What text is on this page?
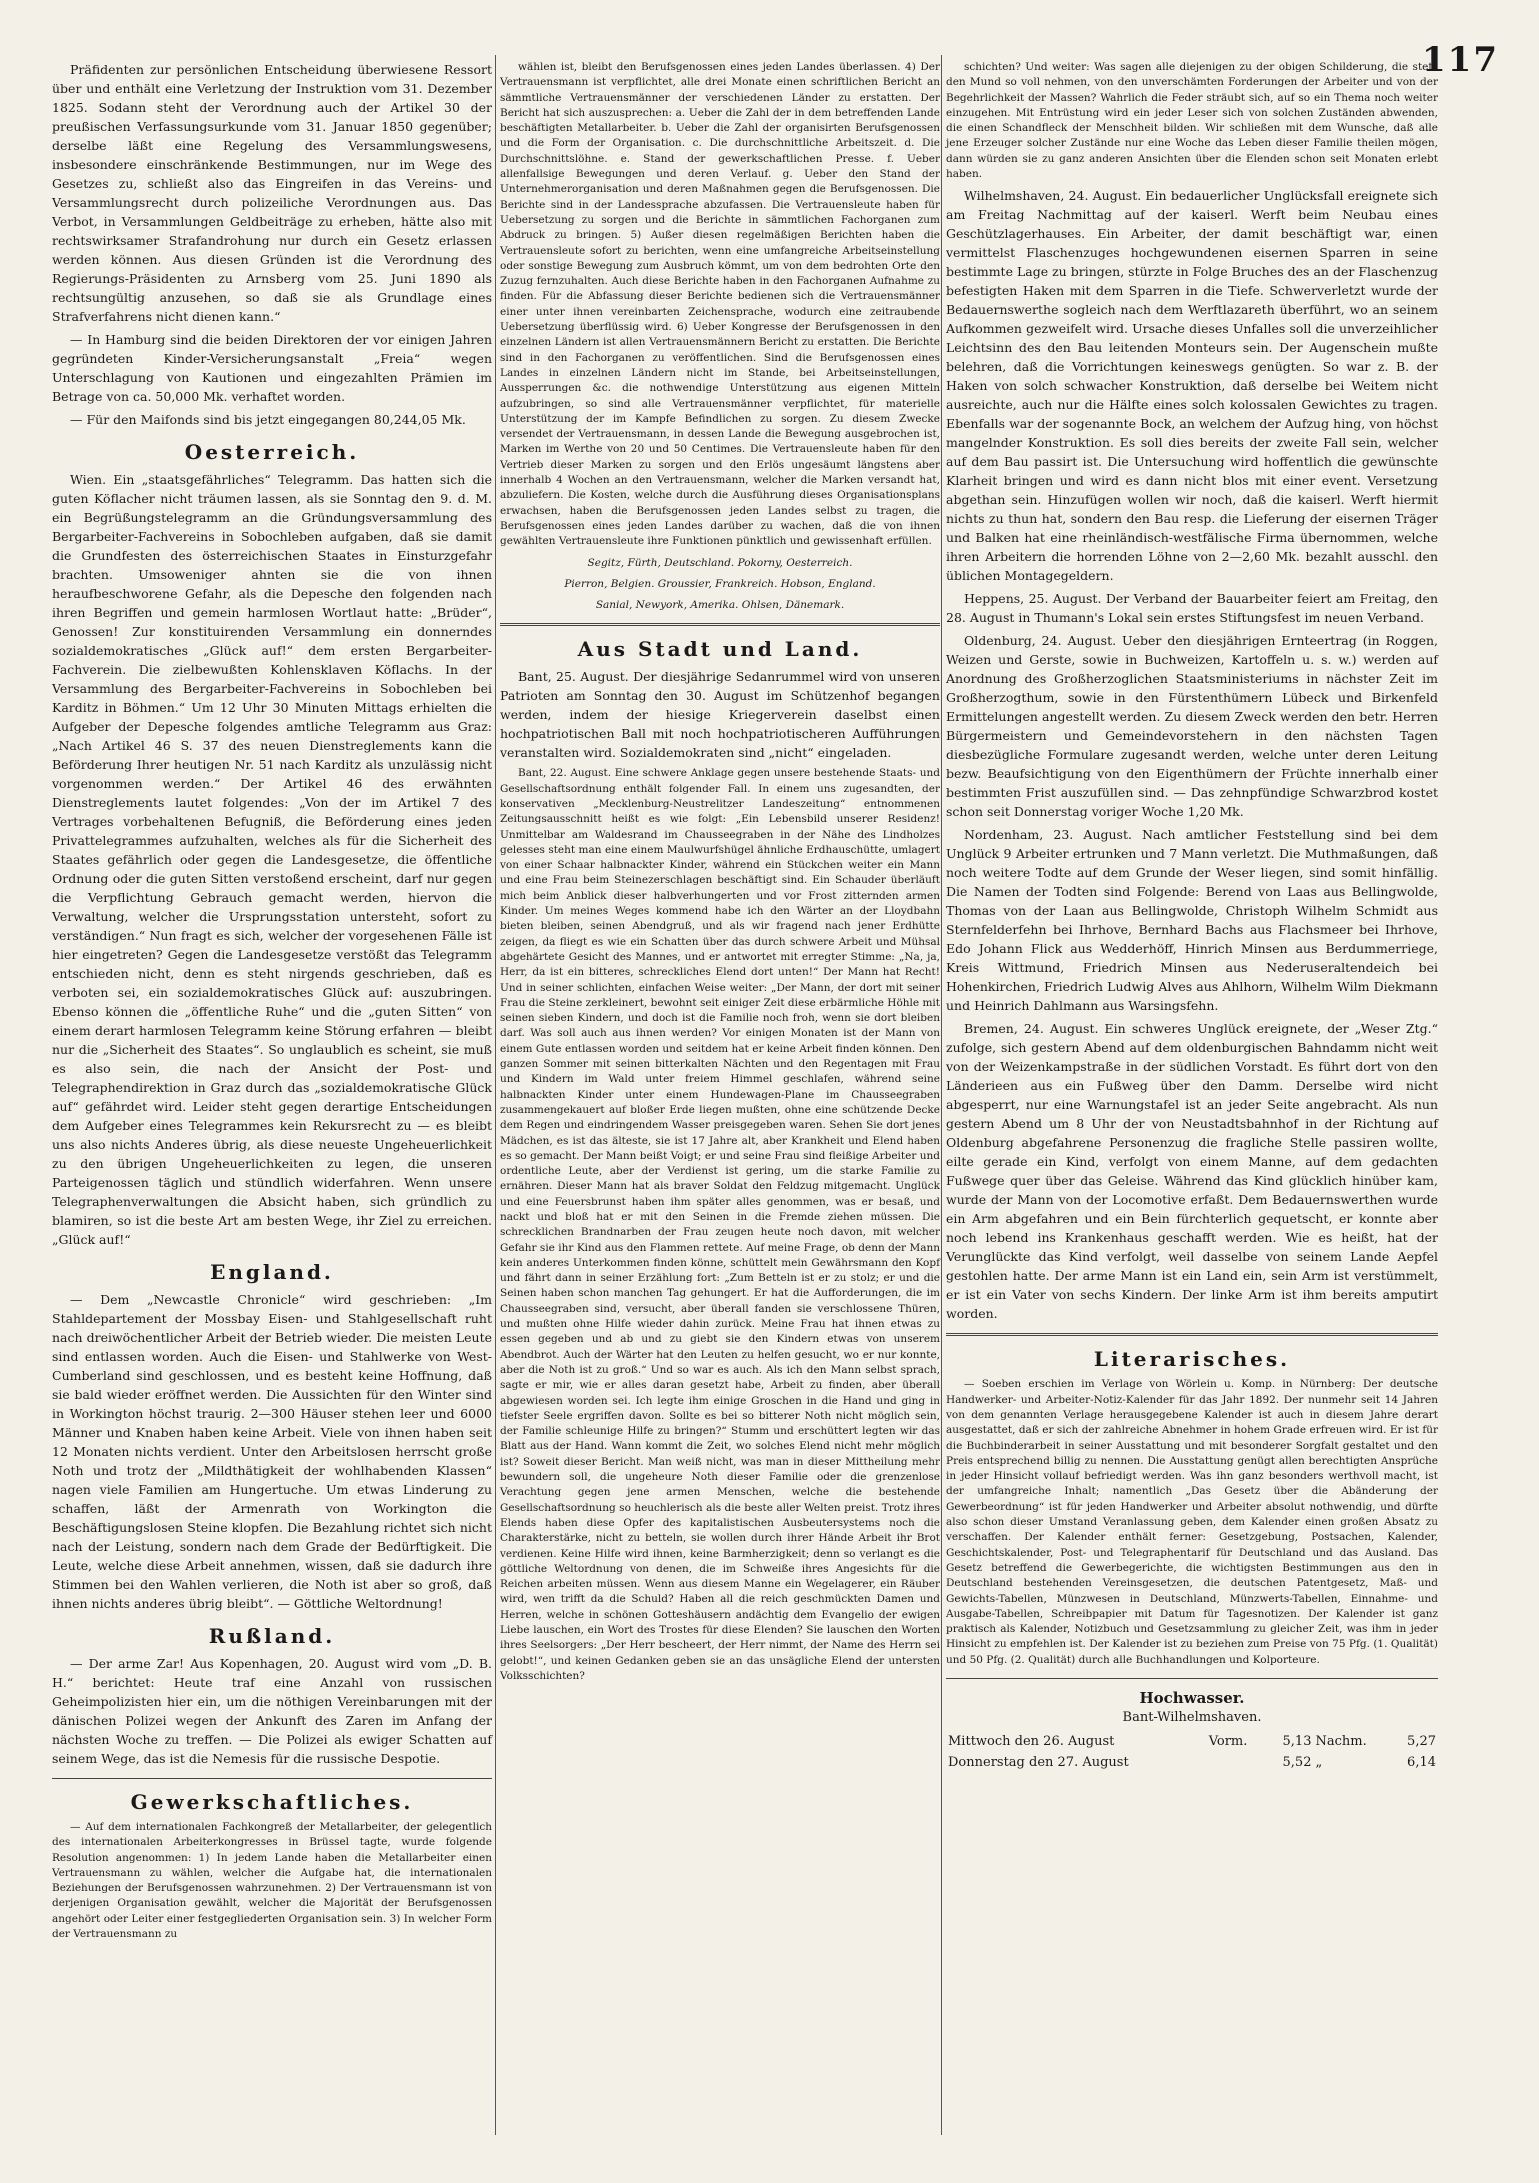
117

Präfidenten zur persönlichen Entscheidung überwiesene Ressort über und enthält eine Verletzung der Instruktion vom 31. Dezember 1825. Sodann steht der Verordnung auch der Artikel 30 der preußischen Verfassungsurkunde vom 31. Januar 1850 gegenüber; derselbe läßt eine Regelung des Versammlungswesens, insbesondere einschränkende Bestimmungen, nur im Wege des Gesetzes zu, schließt also das Eingreifen in das Vereins- und Versammlungsrecht durch polizeiliche Verordnungen aus. Das Verbot, in Versammlungen Geldbeiträge zu erheben, hätte also mit rechtswirksamer Strafandrohung nur durch ein Gesetz erlassen werden können. Aus diesen Gründen ist die Verordnung des Regierungs-Präsidenten zu Arnsberg vom 25. Juni 1890 als rechtsungültig anzusehen, so daß sie als Grundlage eines Strafverfahrens nicht dienen kann.“

— In Hamburg sind die beiden Direktoren der vor einigen Jahren gegründeten Kinder-Versicherungsanstalt „Freia“ wegen Unterschlagung von Kautionen und eingezahlten Prämien im Betrage von ca. 50,000 Mk. verhaftet worden.

— Für den Maifonds sind bis jetzt eingegangen 80,244,05 Mk.

Oesterreich.

Wien. Ein „staatsgefährliches“ Telegramm. Das hatten sich die guten Köflacher nicht träumen lassen, als sie Sonntag den 9. d. M. ein Begrüßungstelegramm an die Gründungsversammlung des Bergarbeiter-Fachvereins in Sobochleben aufgaben, daß sie damit die Grundfesten des österreichischen Staates in Einsturzgefahr brachten. Umsoweniger ahnten sie die von ihnen heraufbeschworene Gefahr, als die Depesche den folgenden nach ihren Begriffen und gemein harmlosen Wortlaut hatte: „Brüder“, Genossen! Zur konstituirenden Versammlung ein donnerndes sozialdemokratisches „Glück auf!“ dem ersten Bergarbeiter-Fachverein. Die zielbewußten Kohlensklaven Köflachs. In der Versammlung des Bergarbeiter-Fachvereins in Sobochleben bei Karditz in Böhmen.“ Um 12 Uhr 30 Minuten Mittags erhielten die Aufgeber der Depesche folgendes amtliche Telegramm aus Graz: „Nach Artikel 46 S. 37 des neuen Dienstreglements kann die Beförderung Ihrer heutigen Nr. 51 nach Karditz als unzulässig nicht vorgenommen werden.“ Der Artikel 46 des erwähnten Dienstreglements lautet folgendes: „Von der im Artikel 7 des Vertrages vorbehaltenen Befugniß, die Beförderung eines jeden Privattelegrammes aufzuhalten, welches als für die Sicherheit des Staates gefährlich oder gegen die Landesgesetze, die öffentliche Ordnung oder die guten Sitten verstoßend erscheint, darf nur gegen die Verpflichtung Gebrauch gemacht werden, hiervon die Verwaltung, welcher die Ursprungsstation untersteht, sofort zu verständigen.“ Nun fragt es sich, welcher der vorgesehenen Fälle ist hier eingetreten? Gegen die Landesgesetze verstößt das Telegramm entschieden nicht, denn es steht nirgends geschrieben, daß es verboten sei, ein sozialdemokratisches Glück auf: auszubringen. Ebenso können die „öffentliche Ruhe“ und die „guten Sitten“ von einem derart harmlosen Telegramm keine Störung erfahren — bleibt nur die „Sicherheit des Staates“. So unglaublich es scheint, sie muß es also sein, die nach der Ansicht der Post- und Telegraphendirektion in Graz durch das „sozialdemokratische Glück auf“ gefährdet wird. Leider steht gegen derartige Entscheidungen dem Aufgeber eines Telegrammes kein Rekursrecht zu — es bleibt uns also nichts Anderes übrig, als diese neueste Ungeheuerlichkeit zu den übrigen Ungeheuerlichkeiten zu legen, die unseren Parteigenossen täglich und stündlich widerfahren. Wenn unsere Telegraphenverwaltungen die Absicht haben, sich gründlich zu blamiren, so ist die beste Art am besten Wege, ihr Ziel zu erreichen. „Glück auf!“

England.

— Dem „Newcastle Chronicle“ wird geschrieben: „Im Stahldepartement der Mossbay Eisen- und Stahlgesellschaft ruht nach dreiwöchentlicher Arbeit der Betrieb wieder. Die meisten Leute sind entlassen worden. Auch die Eisen- und Stahlwerke von West-Cumberland sind geschlossen, und es besteht keine Hoffnung, daß sie bald wieder eröffnet werden. Die Aussichten für den Winter sind in Workington höchst traurig. 2—300 Häuser stehen leer und 6000 Männer und Knaben haben keine Arbeit. Viele von ihnen haben seit 12 Monaten nichts verdient. Unter den Arbeitslosen herrscht große Noth und trotz der „Mildthätigkeit der wohlhabenden Klassen“ nagen viele Familien am Hungertuche. Um etwas Linderung zu schaffen, läßt der Armenrath von Workington die Beschäftigungslosen Steine klopfen. Die Bezahlung richtet sich nicht nach der Leistung, sondern nach dem Grade der Bedürftigkeit. Die Leute, welche diese Arbeit annehmen, wissen, daß sie dadurch ihre Stimmen bei den Wahlen verlieren, die Noth ist aber so groß, daß ihnen nichts anderes übrig bleibt“. — Göttliche Weltordnung!

Rußland.

— Der arme Zar! Aus Kopenhagen, 20. August wird vom „D. B. H.“ berichtet: Heute traf eine Anzahl von russischen Geheimpolizisten hier ein, um die nöthigen Vereinbarungen mit der dänischen Polizei wegen der Ankunft des Zaren im Anfang der nächsten Woche zu treffen. — Die Polizei als ewiger Schatten auf seinem Wege, das ist die Nemesis für die russische Despotie.

Gewerkschaftliches.

— Auf dem internationalen Fachkongreß der Metallarbeiter, der gelegentlich des internationalen Arbeiterkongresses in Brüssel tagte, wurde folgende Resolution angenommen: 1) In jedem Lande haben die Metallarbeiter einen Vertrauensmann zu wählen, welcher die Aufgabe hat, die internationalen Beziehungen der Berufsgenossen wahrzunehmen. 2) Der Vertrauensmann ist von derjenigen Organisation gewählt, welcher die Majorität der Berufsgenossen angehört oder Leiter einer festgegliederten Organisation sein. 3) In welcher Form der Vertrauensmann zu

wählen ist, bleibt den Berufsgenossen eines jeden Landes überlassen. 4) Der Vertrauensmann ist verpflichtet, alle drei Monate einen schriftlichen Bericht an sämmtliche Vertrauensmänner der verschiedenen Länder zu erstatten. Der Bericht hat sich auszusprechen: a. Ueber die Zahl der in dem betreffenden Lande beschäftigten Metallarbeiter. b. Ueber die Zahl der organisirten Berufsgenossen und die Form der Organisation. c. Die durchschnittliche Arbeitszeit. d. Die Durchschnittslöhne. e. Stand der gewerkschaftlichen Presse. f. Ueber allenfallsige Bewegungen und deren Verlauf. g. Ueber den Stand der Unternehmerorganisation und deren Maßnahmen gegen die Berufsgenossen. Die Berichte sind in der Landessprache abzufassen. Die Vertrauensleute haben für Uebersetzung zu sorgen und die Berichte in sämmtlichen Fachorganen zum Abdruck zu bringen. 5) Außer diesen regelmäßigen Berichten haben die Vertrauensleute sofort zu berichten, wenn eine umfangreiche Arbeitseinstellung oder sonstige Bewegung zum Ausbruch kömmt, um von dem bedrohten Orte den Zuzug fernzuhalten. Auch diese Berichte haben in den Fachorganen Aufnahme zu finden. Für die Abfassung dieser Berichte bedienen sich die Vertrauensmänner einer unter ihnen vereinbarten Zeichensprache, wodurch eine zeitraubende Uebersetzung überflüssig wird. 6) Ueber Kongresse der Berufsgenossen in den einzelnen Ländern ist allen Vertrauensmännern Bericht zu erstatten. Die Berichte sind in den Fachorganen zu veröffentlichen. Sind die Berufsgenossen eines Landes in einzelnen Ländern nicht im Stande, bei Arbeitseinstellungen, Aussperrungen &c. die nothwendige Unterstützung aus eigenen Mitteln aufzubringen, so sind alle Vertrauensmänner verpflichtet, für materielle Unterstützung der im Kampfe Befindlichen zu sorgen. Zu diesem Zwecke versendet der Vertrauensmann, in dessen Lande die Bewegung ausgebrochen ist, Marken im Werthe von 20 und 50 Centimes. Die Vertrauensleute haben für den Vertrieb dieser Marken zu sorgen und den Erlös ungesäumt längstens aber innerhalb 4 Wochen an den Vertrauensmann, welcher die Marken versandt hat, abzuliefern. Die Kosten, welche durch die Ausführung dieses Organisationsplans erwachsen, haben die Berufsgenossen jeden Landes selbst zu tragen, die Berufsgenossen eines jeden Landes darüber zu wachen, daß die von ihnen gewählten Vertrauensleute ihre Funktionen pünktlich und gewissenhaft erfüllen.

Segitz, Fürth, Deutschland. Pokorny, Oesterreich.
Pierron, Belgien. Groussier, Frankreich. Hobson, England.
Sanial, Newyork, Amerika. Ohlsen, Dänemark.
Aus Stadt und Land.

Bant, 25. August. Der diesjährige Sedanrummel wird von unseren Patrioten am Sonntag den 30. August im Schützenhof begangen werden, indem der hiesige Kriegerverein daselbst einen hochpatriotischen Ball mit noch hochpatriotischeren Aufführungen veranstalten wird. Sozialdemokraten sind „nicht“ eingeladen.

Bant, 22. August. Eine schwere Anklage gegen unsere bestehende Staats- und Gesellschaftsordnung enthält folgender Fall. In einem uns zugesandten, der konservativen „Mecklenburg-Neustrelitzer Landeszeitung“ entnommenen Zeitungsausschnitt heißt es wie folgt: „Ein Lebensbild unserer Residenz! Unmittelbar am Waldesrand im Chausseegraben in der Nähe des Lindholzes gelesses steht man eine einem Maulwurfshügel ähnliche Erdhauschütte, umlagert von einer Schaar halbnackter Kinder, während ein Stückchen weiter ein Mann und eine Frau beim Steinezerschlagen beschäftigt sind. Ein Schauder überläuft mich beim Anblick dieser halbverhungerten und vor Frost zitternden armen Kinder. Um meines Weges kommend habe ich den Wärter an der Lloydbahn bieten bleiben, seinen Abendgruß, und als wir fragend nach jener Erdhütte zeigen, da fliegt es wie ein Schatten über das durch schwere Arbeit und Mühsal abgehärtete Gesicht des Mannes, und er antwortet mit erregter Stimme: „Na, ja, Herr, da ist ein bitteres, schreckliches Elend dort unten!“ Der Mann hat Recht! Und in seiner schlichten, einfachen Weise weiter: „Der Mann, der dort mit seiner Frau die Steine zerkleinert, bewohnt seit einiger Zeit diese erbärmliche Höhle mit seinen sieben Kindern, und doch ist die Familie noch froh, wenn sie dort bleiben darf. Was soll auch aus ihnen werden? Vor einigen Monaten ist der Mann von einem Gute entlassen worden und seitdem hat er keine Arbeit finden können. Den ganzen Sommer mit seinen bitterkalten Nächten und den Regentagen mit Frau und Kindern im Wald unter freiem Himmel geschlafen, während seine halbnackten Kinder unter einem Hundewagen-Plane im Chausseegraben zusammengekauert auf bloßer Erde liegen mußten, ohne eine schützende Decke dem Regen und eindringendem Wasser preisgegeben waren. Sehen Sie dort jenes Mädchen, es ist das älteste, sie ist 17 Jahre alt, aber Krankheit und Elend haben es so gemacht. Der Mann beißt Voigt; er und seine Frau sind fleißige Arbeiter und ordentliche Leute, aber der Verdienst ist gering, um die starke Familie zu ernähren. Dieser Mann hat als braver Soldat den Feldzug mitgemacht. Unglück und eine Feuersbrunst haben ihm später alles genommen, was er besaß, und nackt und bloß hat er mit den Seinen in die Fremde ziehen müssen. Die schrecklichen Brandnarben der Frau zeugen heute noch davon, mit welcher Gefahr sie ihr Kind aus den Flammen rettete. Auf meine Frage, ob denn der Mann kein anderes Unterkommen finden könne, schüttelt mein Gewährsmann den Kopf und fährt dann in seiner Erzählung fort: „Zum Betteln ist er zu stolz; er und die Seinen haben schon manchen Tag gehungert. Er hat die Aufforderungen, die im Chausseegraben sind, versucht, aber überall fanden sie verschlossene Thüren, und mußten ohne Hilfe wieder dahin zurück. Meine Frau hat ihnen etwas zu essen gegeben und ab und zu giebt sie den Kindern etwas von unserem Abendbrot. Auch der Wärter hat den Leuten zu helfen gesucht, wo er nur konnte, aber die Noth ist zu groß.“ Und so war es auch. Als ich den Mann selbst sprach, sagte er mir, wie er alles daran gesetzt habe, Arbeit zu finden, aber überall abgewiesen worden sei. Ich legte ihm einige Groschen in die Hand und ging in tiefster Seele ergriffen davon. Sollte es bei so bitterer Noth nicht möglich sein, der Familie schleunige Hilfe zu bringen?“ Stumm und erschüttert legten wir das Blatt aus der Hand. Wann kommt die Zeit, wo solches Elend nicht mehr möglich ist? Soweit dieser Bericht. Man weiß nicht, was man in dieser Mittheilung mehr bewundern soll, die ungeheure Noth dieser Familie oder die grenzenlose Verachtung gegen jene armen Menschen, welche die bestehende Gesellschaftsordnung so heuchlerisch als die beste aller Welten preist. Trotz ihres Elends haben diese Opfer des kapitalistischen Ausbeutersystems noch die Charakterstärke, nicht zu betteln, sie wollen durch ihrer Hände Arbeit ihr Brot verdienen. Keine Hilfe wird ihnen, keine Barmherzigkeit; denn so verlangt es die göttliche Weltordnung von denen, die im Schweiße ihres Angesichts für die Reichen arbeiten müssen. Wenn aus diesem Manne ein Wegelagerer, ein Räuber wird, wen trifft da die Schuld? Haben all die reich geschmückten Damen und Herren, welche in schönen Gotteshäusern andächtig dem Evangelio der ewigen Liebe lauschen, ein Wort des Trostes für diese Elenden? Sie lauschen den Worten ihres Seelsorgers: „Der Herr bescheert, der Herr nimmt, der Name des Herrn sei gelobt!“, und keinen Gedanken geben sie an das unsägliche Elend der untersten Volksschichten?

schichten? Und weiter: Was sagen alle diejenigen zu der obigen Schilderung, die stets den Mund so voll nehmen, von den unverschämten Forderungen der Arbeiter und von der Begehrlichkeit der Massen? Wahrlich die Feder sträubt sich, auf so ein Thema noch weiter einzugehen. Mit Entrüstung wird ein jeder Leser sich von solchen Zuständen abwenden, die einen Schandfleck der Menschheit bilden. Wir schließen mit dem Wunsche, daß alle jene Erzeuger solcher Zustände nur eine Woche das Leben dieser Familie theilen mögen, dann würden sie zu ganz anderen Ansichten über die Elenden schon seit Monaten erlebt haben.

Wilhelmshaven, 24. August. Ein bedauerlicher Unglücksfall ereignete sich am Freitag Nachmittag auf der kaiserl. Werft beim Neubau eines Geschützlagerhauses. Ein Arbeiter, der damit beschäftigt war, einen vermittelst Flaschenzuges hochgewundenen eisernen Sparren in seine bestimmte Lage zu bringen, stürzte in Folge Bruches des an der Flaschenzug befestigten Haken mit dem Sparren in die Tiefe. Schwerverletzt wurde der Bedauernswerthe sogleich nach dem Werftlazareth überführt, wo an seinem Aufkommen gezweifelt wird. Ursache dieses Unfalles soll die unverzeihlicher Leichtsinn des den Bau leitenden Monteurs sein. Der Augenschein mußte belehren, daß die Vorrichtungen keineswegs genügten. So war z. B. der Haken von solch schwacher Konstruktion, daß derselbe bei Weitem nicht ausreichte, auch nur die Hälfte eines solch kolossalen Gewichtes zu tragen. Ebenfalls war der sogenannte Bock, an welchem der Aufzug hing, von höchst mangelnder Konstruktion. Es soll dies bereits der zweite Fall sein, welcher auf dem Bau passirt ist. Die Untersuchung wird hoffentlich die gewünschte Klarheit bringen und wird es dann nicht blos mit einer event. Versetzung abgethan sein. Hinzufügen wollen wir noch, daß die kaiserl. Werft hiermit nichts zu thun hat, sondern den Bau resp. die Lieferung der eisernen Träger und Balken hat eine rheinländisch-westfälische Firma übernommen, welche ihren Arbeitern die horrenden Löhne von 2—2,60 Mk. bezahlt ausschl. den üblichen Montagegeldern.

Heppens, 25. August. Der Verband der Bauarbeiter feiert am Freitag, den 28. August in Thumann's Lokal sein erstes Stiftungsfest im neuen Verband.

Oldenburg, 24. August. Ueber den diesjährigen Ernteertrag (in Roggen, Weizen und Gerste, sowie in Buchweizen, Kartoffeln u. s. w.) werden auf Anordnung des Großherzoglichen Staatsministeriums in nächster Zeit im Großherzogthum, sowie in den Fürstenthümern Lübeck und Birkenfeld Ermittelungen angestellt werden. Zu diesem Zweck werden den betr. Herren Bürgermeistern und Gemeindevorstehern in den nächsten Tagen diesbezügliche Formulare zugesandt werden, welche unter deren Leitung bezw. Beaufsichtigung von den Eigenthümern der Früchte innerhalb einer bestimmten Frist auszufüllen sind. — Das zehnpfündige Schwarzbrod kostet schon seit Donnerstag voriger Woche 1,20 Mk.

Nordenham, 23. August. Nach amtlicher Feststellung sind bei dem Unglück 9 Arbeiter ertrunken und 7 Mann verletzt. Die Muthmaßungen, daß noch weitere Todte auf dem Grunde der Weser liegen, sind somit hinfällig. Die Namen der Todten sind Folgende: Berend von Laas aus Bellingwolde, Thomas von der Laan aus Bellingwolde, Christoph Wilhelm Schmidt aus Sternfelderfehn bei Ihrhove, Bernhard Bachs aus Flachsmeer bei Ihrhove, Edo Johann Flick aus Wedderhöff, Hinrich Minsen aus Berdummerriege, Kreis Wittmund, Friedrich Minsen aus Nederuseraltendeich bei Hohenkirchen, Friedrich Ludwig Alves aus Ahlhorn, Wilhelm Wilm Diekmann und Heinrich Dahlmann aus Warsingsfehn.

Bremen, 24. August. Ein schweres Unglück ereignete, der „Weser Ztg.“ zufolge, sich gestern Abend auf dem oldenburgischen Bahndamm nicht weit von der Weizenkampstraße in der südlichen Vorstadt. Es führt dort von den Länderieen aus ein Fußweg über den Damm. Derselbe wird nicht abgesperrt, nur eine Warnungstafel ist an jeder Seite angebracht. Als nun gestern Abend um 8 Uhr der von Neustadtsbahnhof in der Richtung auf Oldenburg abgefahrene Personenzug die fragliche Stelle passiren wollte, eilte gerade ein Kind, verfolgt von einem Manne, auf dem gedachten Fußwege quer über das Geleise. Während das Kind glücklich hinüber kam, wurde der Mann von der Locomotive erfaßt. Dem Bedauernswerthen wurde ein Arm abgefahren und ein Bein fürchterlich gequetscht, er konnte aber noch lebend ins Krankenhaus geschafft werden. Wie es heißt, hat der Verunglückte das Kind verfolgt, weil dasselbe von seinem Lande Aepfel gestohlen hatte. Der arme Mann ist ein Land ein, sein Arm ist verstümmelt, er ist ein Vater von sechs Kindern. Der linke Arm ist ihm bereits amputirt worden.

Literarisches.

— Soeben erschien im Verlage von Wörlein u. Komp. in Nürnberg: Der deutsche Handwerker- und Arbeiter-Notiz-Kalender für das Jahr 1892. Der nunmehr seit 14 Jahren von dem genannten Verlage herausgegebene Kalender ist auch in diesem Jahre derart ausgestattet, daß er sich der zahlreiche Abnehmer in hohem Grade erfreuen wird. Er ist für die Buchbinderarbeit in seiner Ausstattung und mit besonderer Sorgfalt gestaltet und den Preis entsprechend billig zu nennen. Die Ausstattung genügt allen berechtigten Ansprüche in jeder Hinsicht vollauf befriedigt werden. Was ihn ganz besonders werthvoll macht, ist der umfangreiche Inhalt; namentlich „Das Gesetz über die Abänderung der Gewerbeordnung“ ist für jeden Handwerker und Arbeiter absolut nothwendig, und dürfte also schon dieser Umstand Veranlassung geben, dem Kalender einen großen Absatz zu verschaffen. Der Kalender enthält ferner: Gesetzgebung, Postsachen, Kalender, Geschichtskalender, Post- und Telegraphentarif für Deutschland und das Ausland. Das Gesetz betreffend die Gewerbegerichte, die wichtigsten Bestimmungen aus den in Deutschland bestehenden Vereinsgesetzen, die deutschen Patentgesetz, Maß- und Gewichts-Tabellen, Münzwesen in Deutschland, Münzwerts-Tabellen, Einnahme- und Ausgabe-Tabellen, Schreibpapier mit Datum für Tagesnotizen. Der Kalender ist ganz praktisch als Kalender, Notizbuch und Gesetzsammlung zu gleicher Zeit, was ihm in jeder Hinsicht zu empfehlen ist. Der Kalender ist zu beziehen zum Preise von 75 Pfg. (1. Qualität) und 50 Pfg. (2. Qualität) durch alle Buchhandlungen und Kolporteure.

Hochwasser.
Bant-Wilhelmshaven.
Mittwoch den 26. August	Vorm.	5,13	Nachm.	5,27
Donnerstag den 27. August		5,52	„	6,14
